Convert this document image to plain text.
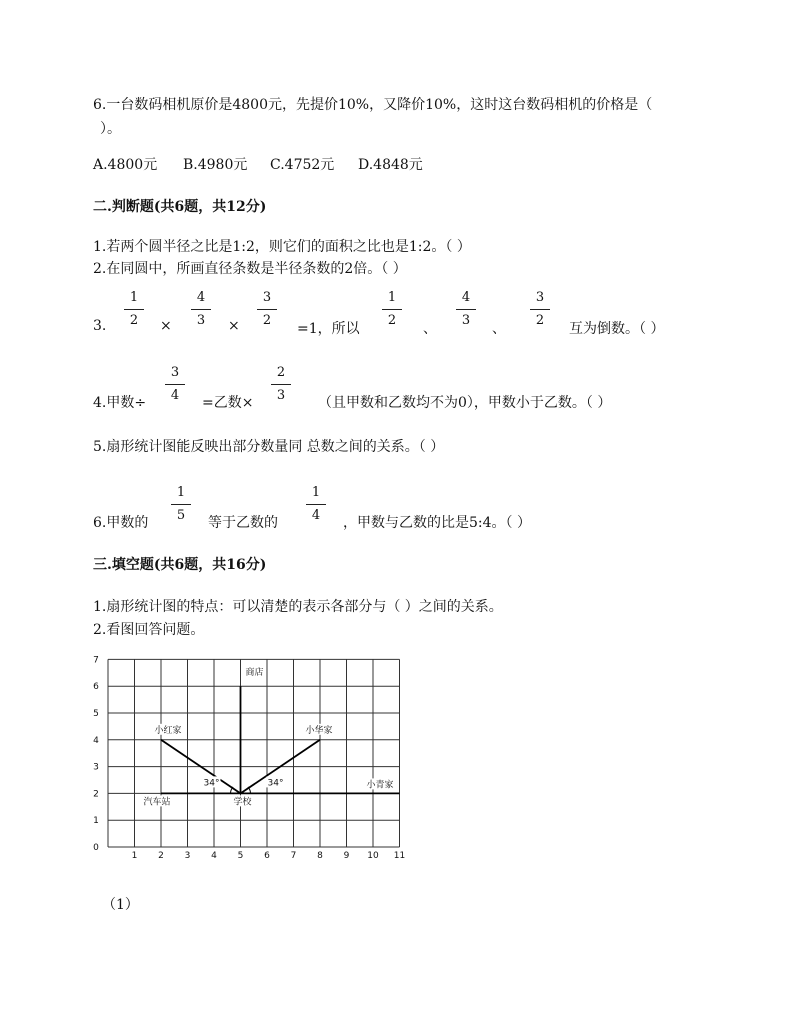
6.一台数码相机原价是4800元，先提价10%，又降价10%，这时这台数码相机的价格是（
）。
A.4800元 B.4980元 C.4752元 D.4848元
二.判断题(共6题，共12分)
1.若两个圆半径之比是1:2，则它们的面积之比也是1:2。（ ）
2.在同圆中，所画直径条数是半径条数的2倍。（ ）
3.
1
2	×
4
3	×
3
2
=1，所以
1
2
、
4
3
、
3
2
互为倒数。（ ）
4.甲数÷
3
4	=乙数×
2
3	（且甲数和乙数均不为0），甲数小于乙数。（ ）
5.扇形统计图能反映出部分数量同 总数之间的关系。（ ）
6.甲数的
1
5	等于乙数的
1
4	，甲数与乙数的比是5:4。（ ）
三.填空题(共6题，共16分)
1.扇形统计图的特点：可以清楚的表示各部分与（ ）之间的关系。
2.看图回答问题。
1 2 3 4 5 6 7 8 9 10 11
0
1
2
3
4
5
6
7
商店
小红家	小华家
汽车站	学校
小青家
34°	34°
（1）
